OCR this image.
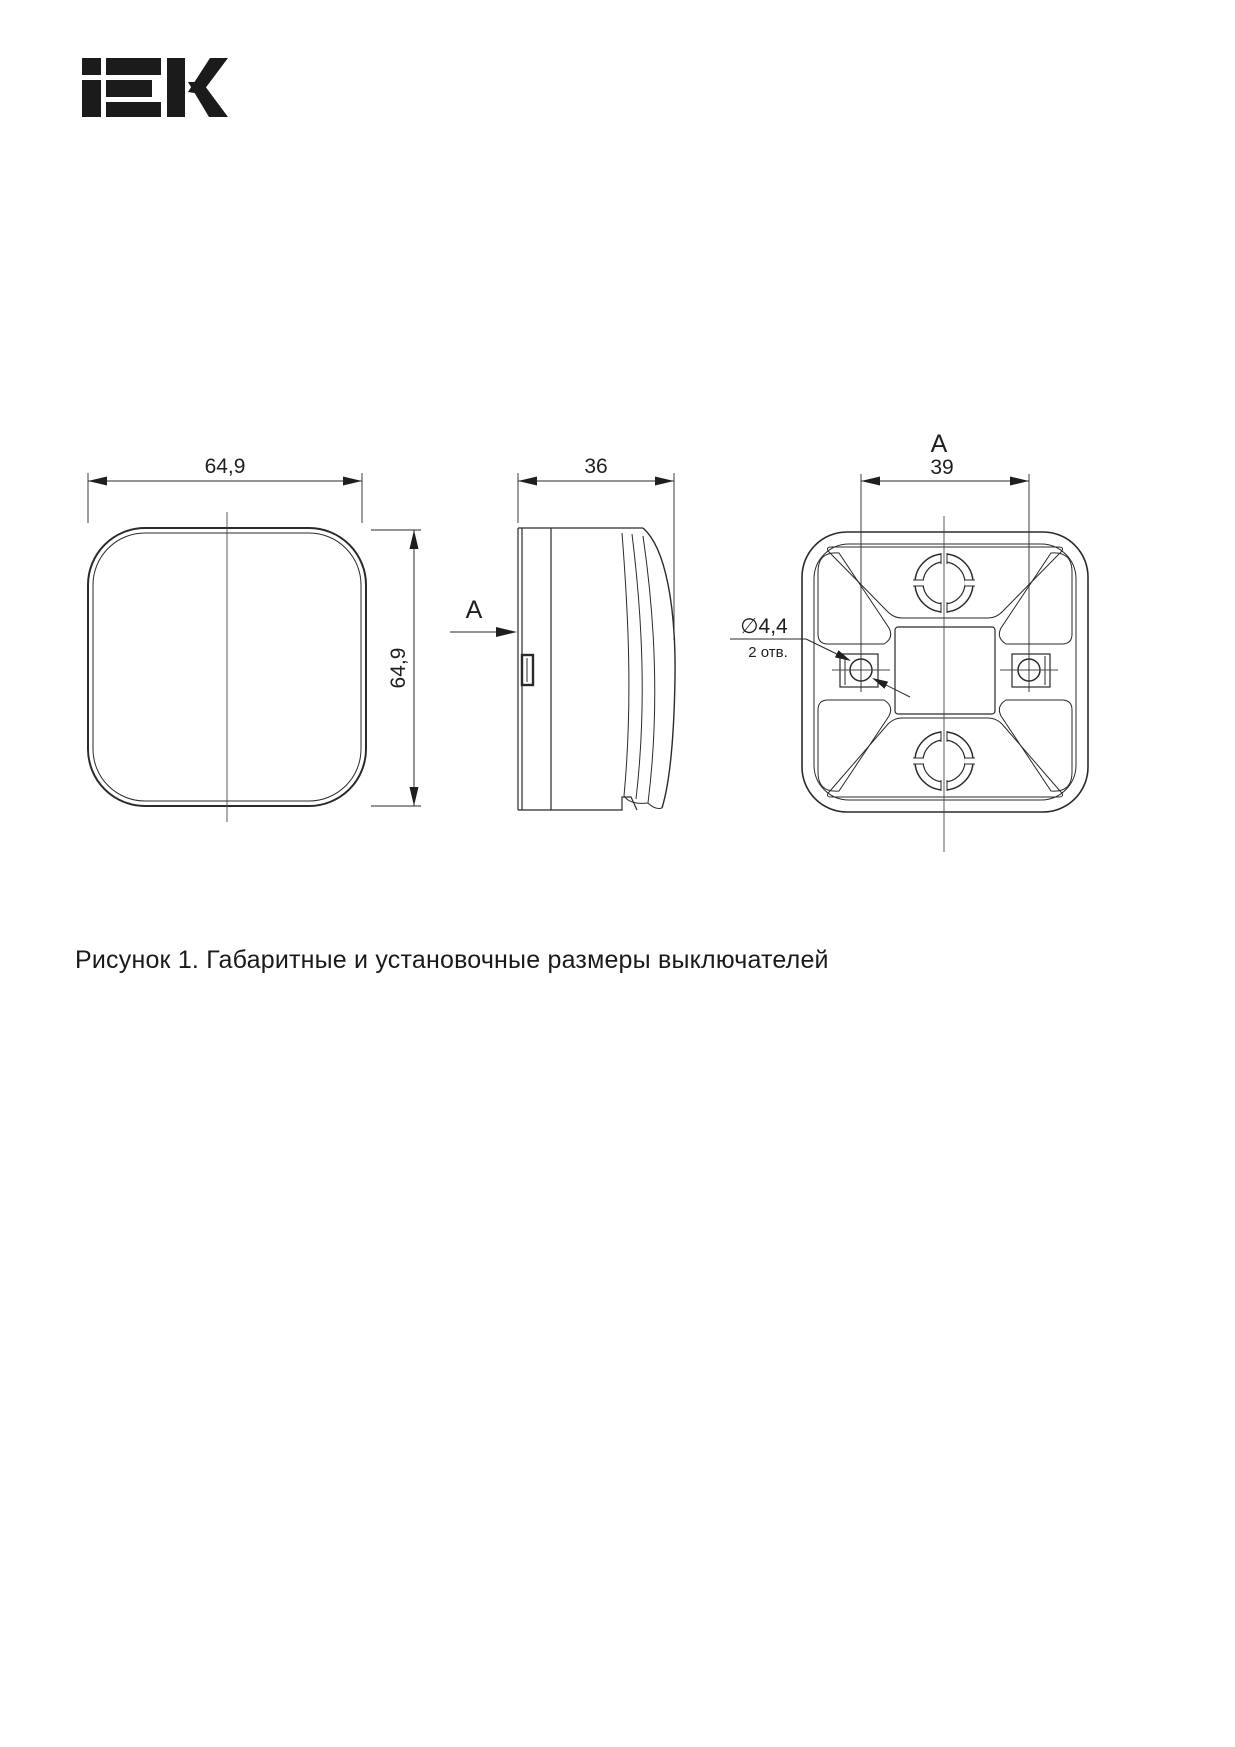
64,9
64,9
36
A
A
39
∅4,4
2 отв.
Рисунок 1. Габаритные и установочные размеры выключателей
